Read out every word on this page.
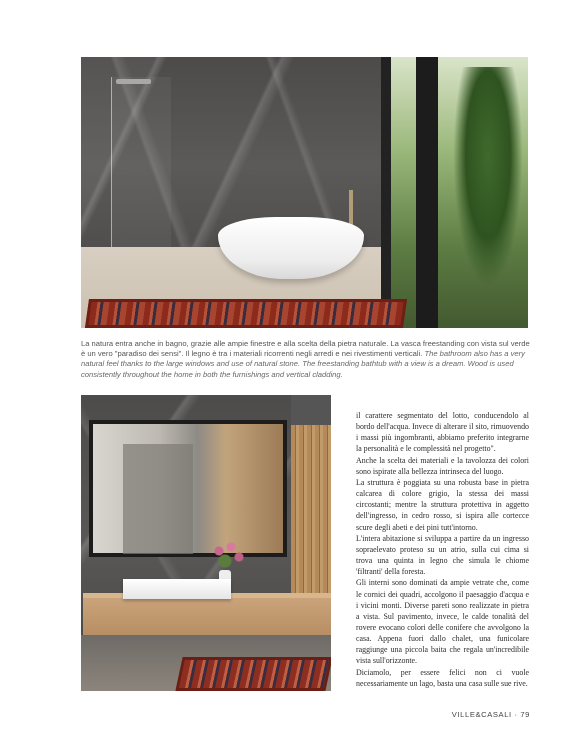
La natura entra anche in bagno, grazie alle ampie finestre e alla scelta della pietra naturale. La vasca freestanding con vista sul verde è un vero "paradiso dei sensi". Il legno è tra i materiali ricorrenti negli arredi e nei rivestimenti verticali. The bathroom also has a very natural feel thanks to the large windows and use of natural stone. The freestanding bathtub with a view is a dream. Wood is used consistently throughout the home in both the furnishings and vertical cladding.

il carattere segmentato del lotto, conducendolo al bordo dell'acqua. Invece di alterare il sito, rimuovendo i massi più ingombranti, abbiamo preferito integrarne la personalità e le complessità nel progetto".

Anche la scelta dei materiali e la tavolozza dei colori sono ispirate alla bellezza intrinseca del luogo.

La struttura è poggiata su una robusta base in pietra calcarea di colore grigio, la stessa dei massi circostanti; mentre la struttura protettiva in aggetto dell'ingresso, in cedro rosso, si ispira alle cortecce scure degli abeti e dei pini tutt'intorno.

L'intera abitazione si sviluppa a partire da un ingresso sopraelevato proteso su un atrio, sulla cui cima si trova una quinta in legno che simula le chiome 'filtranti' della foresta.

Gli interni sono dominati da ampie vetrate che, come le cornici dei quadri, accolgono il paesaggio d'acqua e i vicini monti. Diverse pareti sono realizzate in pietra a vista. Sul pavimento, invece, le calde tonalità del rovere evocano colori delle conifere che avvolgono la casa. Appena fuori dallo chalet, una funicolare raggiunge una piccola baita che regala un'incredibile vista sull'orizzonte.

Diciamolo, per essere felici non ci vuole necessariamente un lago, basta una casa sulle sue rive.

VILLE&CASALI · 79
